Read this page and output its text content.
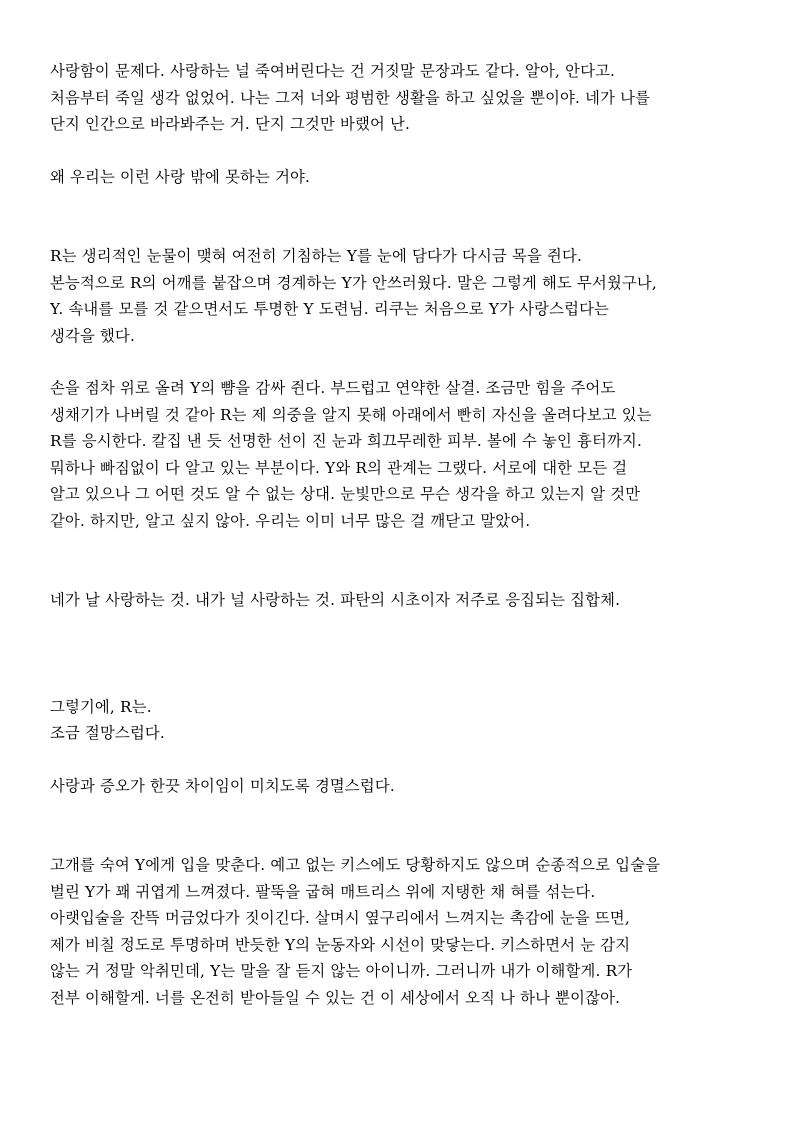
사랑함이 문제다. 사랑하는 널 죽여버린다는 건 거짓말 문장과도 같다. 알아, 안다고.
처음부터 죽일 생각 없었어. 나는 그저 너와 평범한 생활을 하고 싶었을 뿐이야. 네가 나를
단지 인간으로 바라봐주는 거. 단지 그것만 바랬어 난.
왜 우리는 이런 사랑 밖에 못하는 거야.
R는 생리적인 눈물이 맺혀 여전히 기침하는 Y를 눈에 담다가 다시금 목을 쥔다.
본능적으로 R의 어깨를 붙잡으며 경계하는 Y가 안쓰러웠다. 말은 그렇게 해도 무서웠구나,
Y. 속내를 모를 것 같으면서도 투명한 Y 도련님. 리쿠는 처음으로 Y가 사랑스럽다는
생각을 했다.
손을 점차 위로 올려 Y의 뺨을 감싸 쥔다. 부드럽고 연약한 살결. 조금만 힘을 주어도
생채기가 나버릴 것 같아 R는 제 의중을 알지 못해 아래에서 빤히 자신을 올려다보고 있는
R를 응시한다. 칼집 낸 듯 선명한 선이 진 눈과 희끄무레한 피부. 볼에 수 놓인 흉터까지.
뭐하나 빠짐없이 다 알고 있는 부분이다. Y와 R의 관계는 그랬다. 서로에 대한 모든 걸
알고 있으나 그 어떤 것도 알 수 없는 상대. 눈빛만으로 무슨 생각을 하고 있는지 알 것만
같아. 하지만, 알고 싶지 않아. 우리는 이미 너무 많은 걸 깨닫고 말았어.
네가 날 사랑하는 것. 내가 널 사랑하는 것. 파탄의 시초이자 저주로 응집되는 집합체.
그렇기에, R는.
조금 절망스럽다.
사랑과 증오가 한끗 차이임이 미치도록 경멸스럽다.
고개를 숙여 Y에게 입을 맞춘다. 예고 없는 키스에도 당황하지도 않으며 순종적으로 입술을
벌린 Y가 꽤 귀엽게 느껴졌다. 팔뚝을 굽혀 매트리스 위에 지탱한 채 혀를 섞는다.
아랫입술을 잔뜩 머금었다가 짓이긴다. 살며시 옆구리에서 느껴지는 촉감에 눈을 뜨면,
제가 비칠 정도로 투명하며 반듯한 Y의 눈동자와 시선이 맞닿는다. 키스하면서 눈 감지
않는 거 정말 악취민데, Y는 말을 잘 듣지 않는 아이니까. 그러니까 내가 이해할게. R가
전부 이해할게. 너를 온전히 받아들일 수 있는 건 이 세상에서 오직 나 하나 뿐이잖아.
